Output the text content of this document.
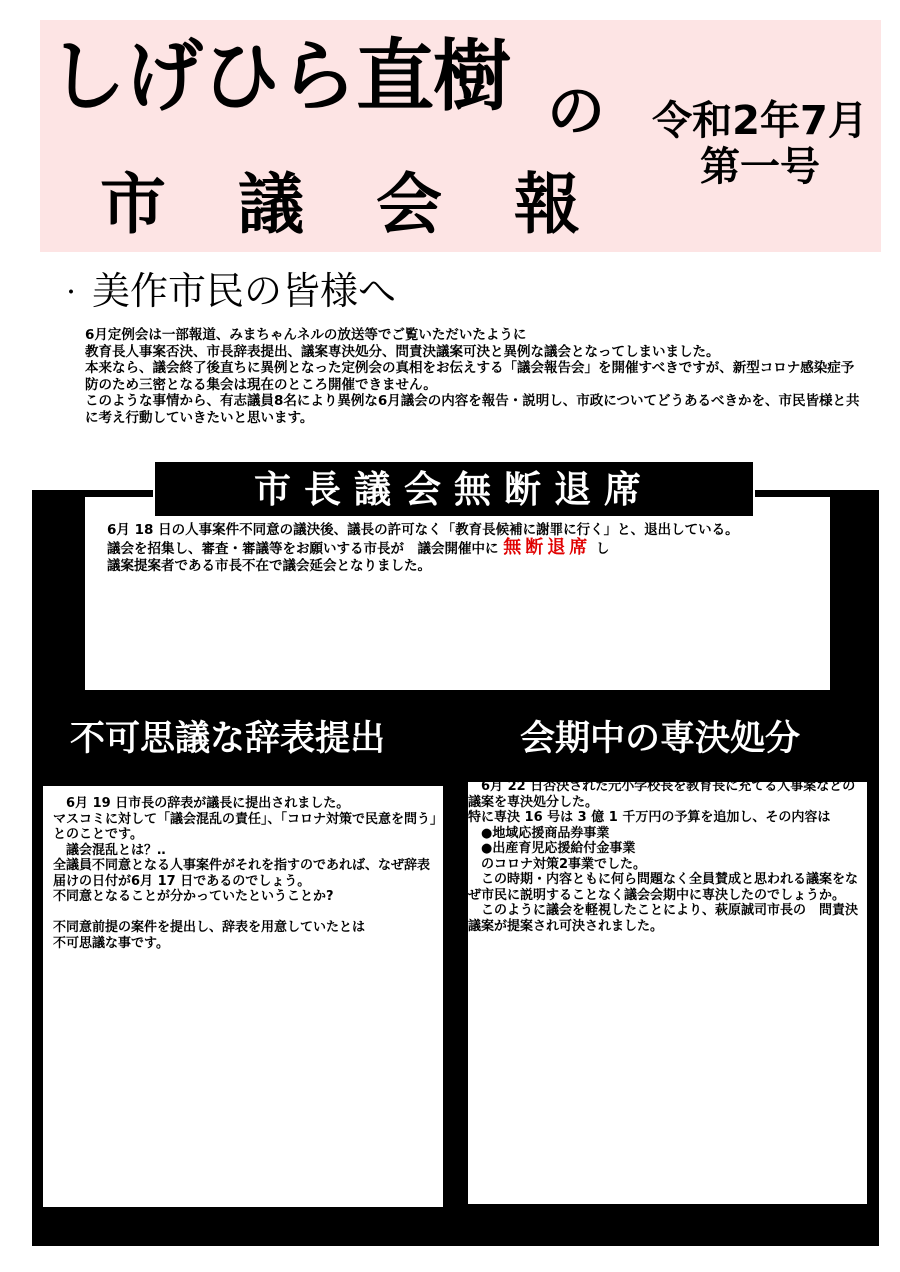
しげひら直樹 の
市議会報
令和2年7月
第一号
・ 美作市民の皆様へ

6月定例会は一部報道、みまちゃんネルの放送等でご覧いただいたように

教育長人事案否決、市長辞表提出、議案専決処分、問責決議案可決と異例な議会となってしまいました。

本来なら、議会終了後直ちに異例となった定例会の真相をお伝えする「議会報告会」を開催すべきですが、新型コロナ感染症予防のため三密となる集会は現在のところ開催できません。

このような事情から、有志議員8名により異例な6月議会の内容を報告・説明し、市政についてどうあるべきかを、市民皆様と共に考え行動していきたいと思います。

市長議会無断退席

6月 18 日の人事案件不同意の議決後、議長の許可なく「教育長候補に謝罪に行く」と、退出している。

議会を招集し、審査・審議等をお願いする市長が　議会開催中に 無断退席 し

議案提案者である市長不在で議会延会となりました。

不可思議な辞表提出	会期中の専決処分

　6月 19 日市長の辞表が議長に提出されました。

マスコミに対して「議会混乱の責任」、「コロナ対策で民意を問う」とのことです。

　議会混乱とは？‥

全議員不同意となる人事案件がそれを指すのであれば、なぜ辞表届けの日付が6月 17 日であるのでしょう。

不同意となることが分かっていたということか?

不同意前提の案件を提出し、辞表を用意していたとは

不可思議な事です。

　6月 22 日否決された元小学校長を教育長に充てる人事案などの議案を専決処分した。

特に専決 16 号は 3 億 1 千万円の予算を追加し、その内容は

　●地域応援商品券事業

　●出産育児応援給付金事業

　のコロナ対策2事業でした。

　この時期・内容ともに何ら問題なく全員賛成と思われる議案をなぜ市民に説明することなく議会会期中に専決したのでしょうか。

　このように議会を軽視したことにより、萩原誠司市長の　問責決議案が提案され可決されました。
